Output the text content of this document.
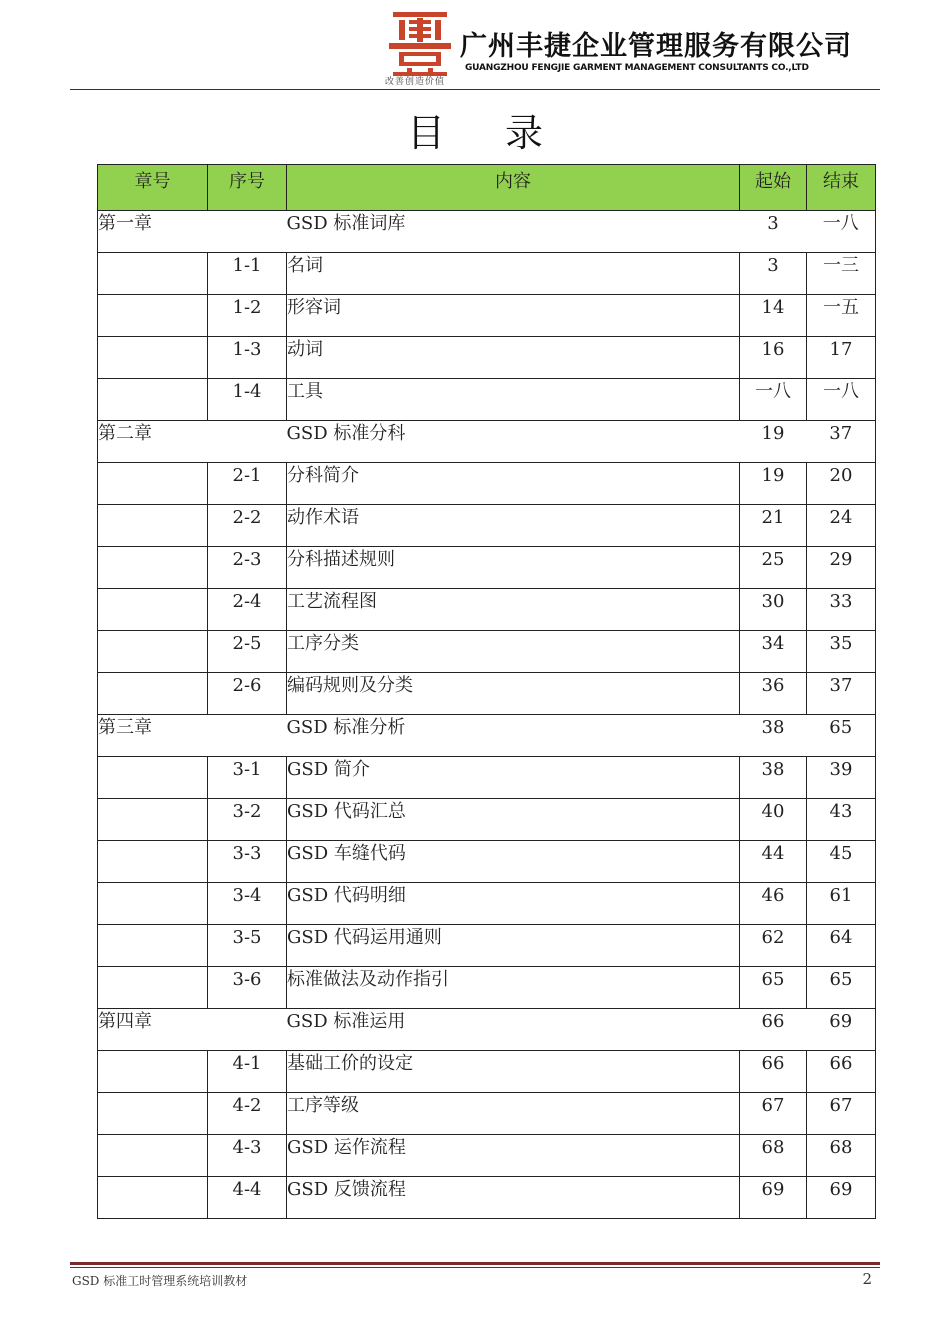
改善创造价值
广州丰捷企业管理服务有限公司
GUANGZHOU FENGJIE GARMENT MANAGEMENT CONSULTANTS CO.,LTD
目录
章号	序号	内容	起始	结束
第一章		GSD 标准词库	3	一八
	1-1	名词	3	一三
	1-2	形容词	14	一五
	1-3	动词	16	17
	1-4	工具	一八	一八
第二章		GSD 标准分科	19	37
	2-1	分科简介	19	20
	2-2	动作术语	21	24
	2-3	分科描述规则	25	29
	2-4	工艺流程图	30	33
	2-5	工序分类	34	35
	2-6	编码规则及分类	36	37
第三章		GSD 标准分析	38	65
	3-1	GSD 简介	38	39
	3-2	GSD 代码汇总	40	43
	3-3	GSD 车缝代码	44	45
	3-4	GSD 代码明细	46	61
	3-5	GSD 代码运用通则	62	64
	3-6	标准做法及动作指引	65	65
第四章		GSD 标准运用	66	69
	4-1	基础工价的设定	66	66
	4-2	工序等级	67	67
	4-3	GSD 运作流程	68	68
	4-4	GSD 反馈流程	69	69
GSD 标准工时管理系统培训教材	2
